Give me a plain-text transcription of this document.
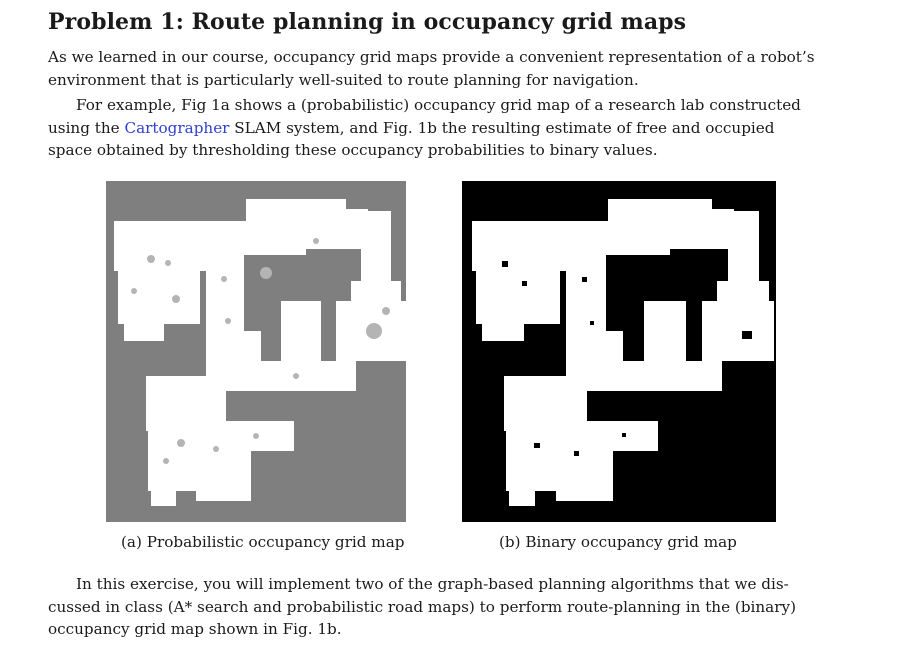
Problem 1: Route planning in occupancy grid maps
As we learned in our course, occupancy grid maps provide a convenient representation of a robot’s
environment that is particularly well-suited to route planning for navigation.
For example, Fig 1a shows a (probabilistic) occupancy grid map of a research lab constructed
using the Cartographer SLAM system, and Fig. 1b the resulting estimate of free and occupied
space obtained by thresholding these occupancy probabilities to binary values.
(a) Probabilistic occupancy grid map	(b) Binary occupancy grid map
In this exercise, you will implement two of the graph-based planning algorithms that we dis-
cussed in class (A* search and probabilistic road maps) to perform route-planning in the (binary)
occupancy grid map shown in Fig. 1b.
